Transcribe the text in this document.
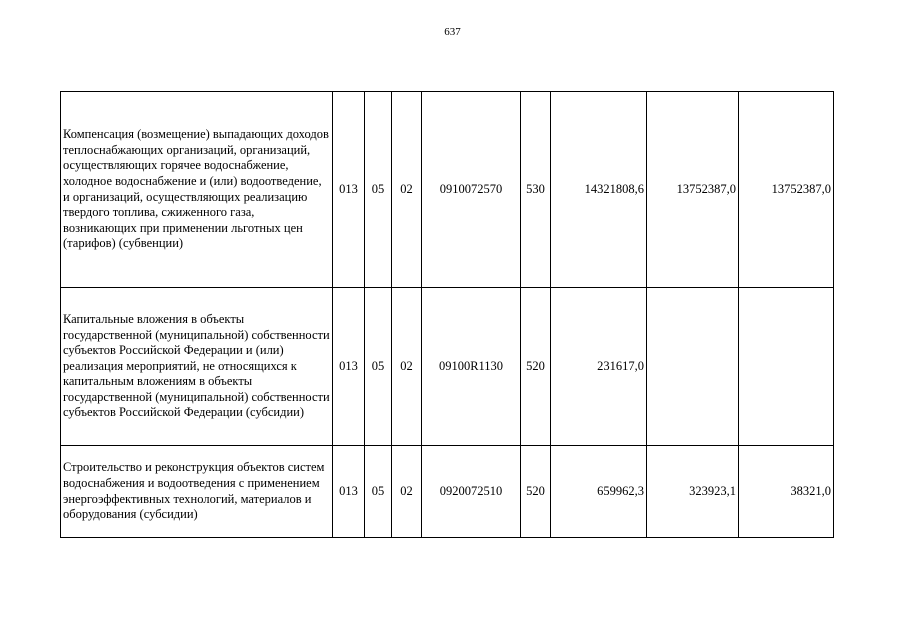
637
Компенсация (возмещение) выпадающих доходов теплоснабжающих организаций, организаций, осуществляющих горячее водоснабжение, холодное водоснабжение и (или) водоотведение, и организаций, осуществляющих реализацию твердого топлива, сжиженного газа, возникающих при применении льготных цен (тарифов) (субвенции)	013	05	02	0910072570	530	14321808,6	13752387,0	13752387,0
Капитальные вложения в объекты государственной (муниципальной) собственности субъектов Российской Федерации и (или) реализация мероприятий, не относящихся к капитальным вложениям в объекты государственной (муниципальной) собственности субъектов Российской Федерации (субсидии)	013	05	02	09100R1130	520	231617,0		
Строительство и реконструкция объектов систем водоснабжения и водоотведения с применением энергоэффективных технологий, материалов и оборудования (субсидии)	013	05	02	0920072510	520	659962,3	323923,1	38321,0
